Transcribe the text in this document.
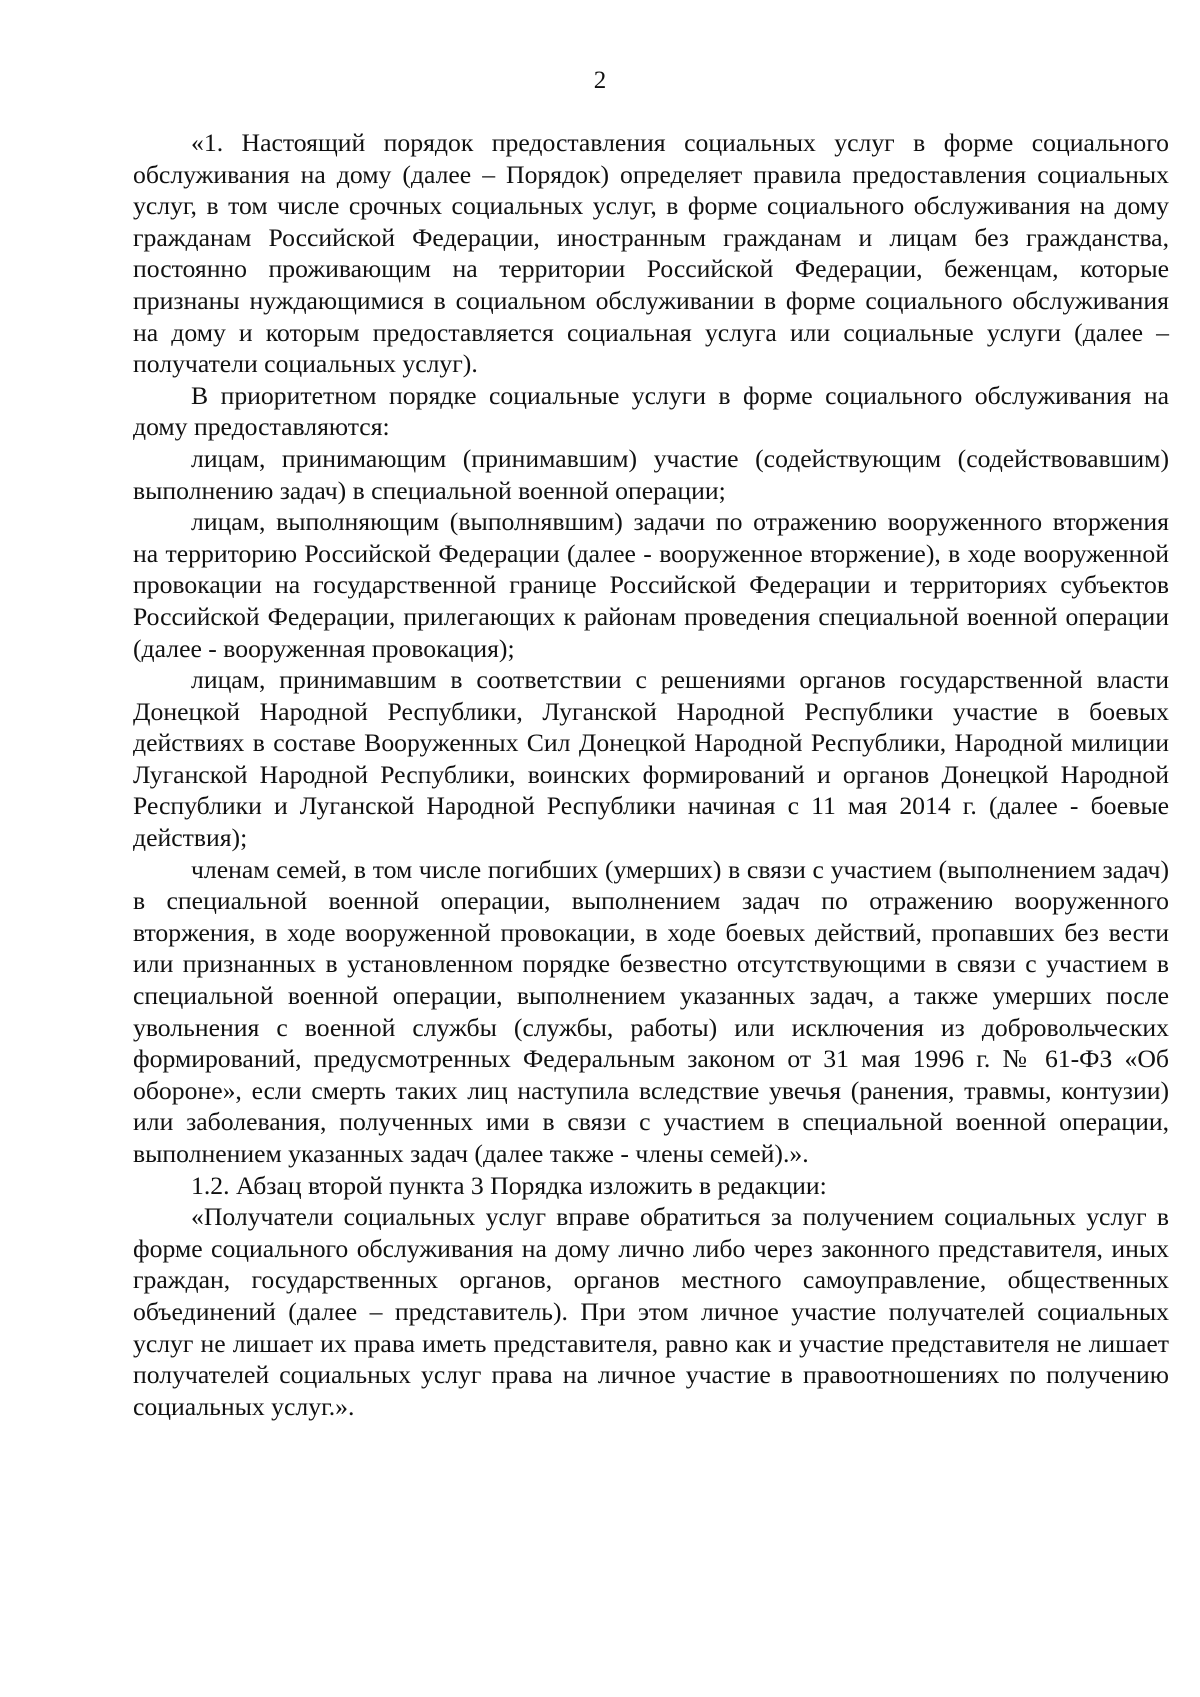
2

«1. Настоящий порядок предоставления социальных услуг в форме социального обслуживания на дому (далее – Порядок) определяет правила предоставления социальных услуг, в том числе срочных социальных услуг, в форме социального обслуживания на дому гражданам Российской Федерации, иностранным гражданам и лицам без гражданства, постоянно проживающим на территории Российской Федерации, беженцам, которые признаны нуждающимися в социальном обслуживании в форме социального обслуживания на дому и которым предоставляется социальная услуга или социальные услуги (далее – получатели социальных услуг).

В приоритетном порядке социальные услуги в форме социального обслуживания на дому предоставляются:

лицам, принимающим (принимавшим) участие (содействующим (содействовавшим) выполнению задач) в специальной военной операции;

лицам, выполняющим (выполнявшим) задачи по отражению вооруженного вторжения на территорию Российской Федерации (далее - вооруженное вторжение), в ходе вооруженной провокации на государственной границе Российской Федерации и территориях субъектов Российской Федерации, прилегающих к районам проведения специальной военной операции (далее - вооруженная провокация);

лицам, принимавшим в соответствии с решениями органов государственной власти Донецкой Народной Республики, Луганской Народной Республики участие в боевых действиях в составе Вооруженных Сил Донецкой Народной Республики, Народной милиции Луганской Народной Республики, воинских формирований и органов Донецкой Народной Республики и Луганской Народной Республики начиная с 11 мая 2014 г. (далее - боевые действия);

членам семей, в том числе погибших (умерших) в связи с участием (выполнением задач) в специальной военной операции, выполнением задач по отражению вооруженного вторжения, в ходе вооруженной провокации, в ходе боевых действий, пропавших без вести или признанных в установленном порядке безвестно отсутствующими в связи с участием в специальной военной операции, выполнением указанных задач, а также умерших после увольнения с военной службы (службы, работы) или исключения из добровольческих формирований, предусмотренных Федеральным законом от 31 мая 1996 г. № 61-ФЗ «Об обороне», если смерть таких лиц наступила вследствие увечья (ранения, травмы, контузии) или заболевания, полученных ими в связи с участием в специальной военной операции, выполнением указанных задач (далее также - члены семей).».

1.2. Абзац второй пункта 3 Порядка изложить в редакции:

«Получатели социальных услуг вправе обратиться за получением социальных услуг в форме социального обслуживания на дому лично либо через законного представителя, иных граждан, государственных органов, органов местного самоуправление, общественных объединений (далее – представитель). При этом личное участие получателей социальных услуг не лишает их права иметь представителя, равно как и участие представителя не лишает получателей социальных услуг права на личное участие в правоотношениях по получению социальных услуг.».
